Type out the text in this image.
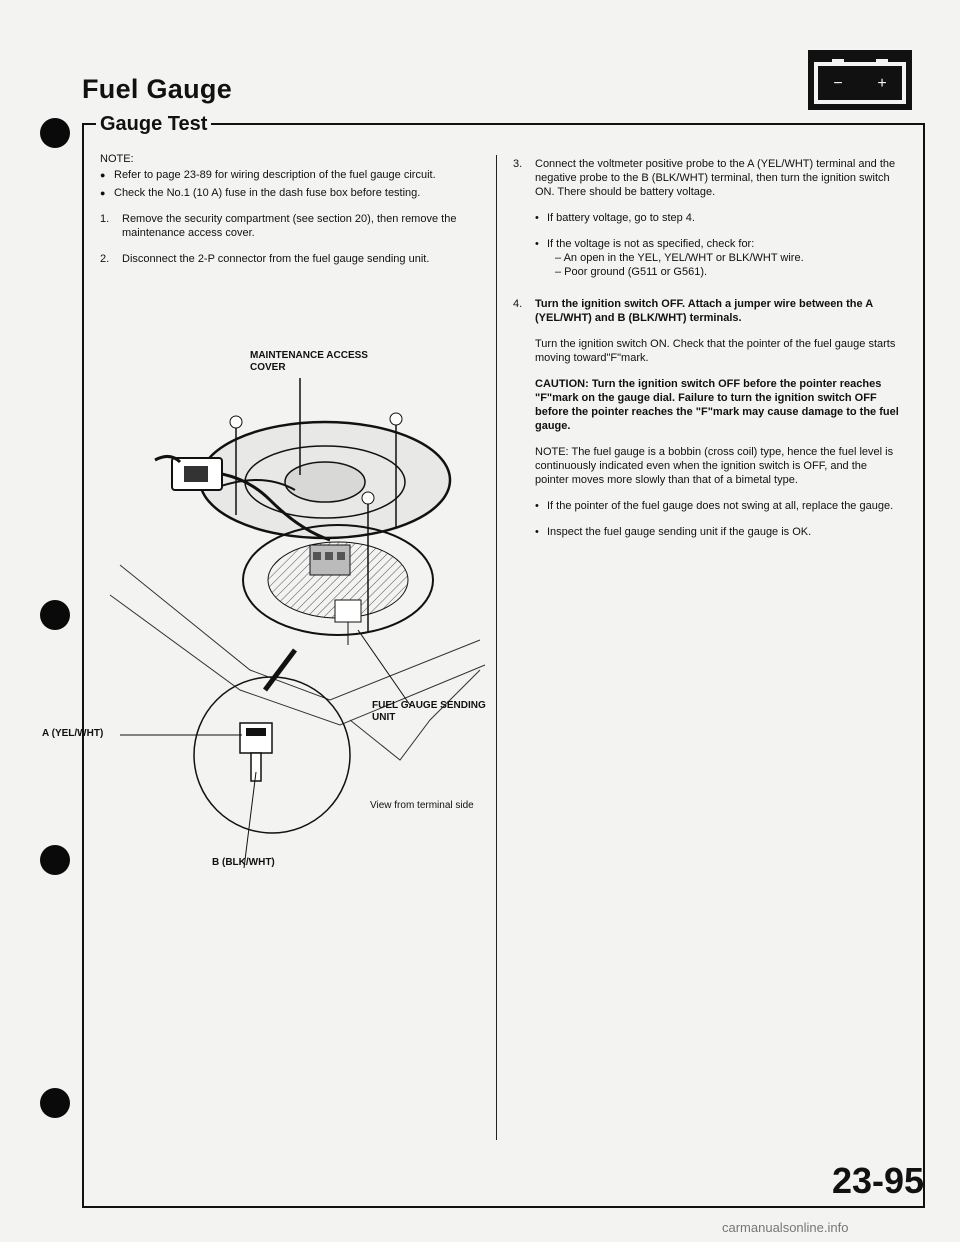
Fuel Gauge	− +
Gauge Test

NOTE:

● Refer to page 23-89 for wiring description of the fuel gauge circuit.

● Check the No.1 (10 A) fuse in the dash fuse box before testing.

1. Remove the security compartment (see section 20), then remove the maintenance access cover.

2. Disconnect the 2-P connector from the fuel gauge sending unit.

MAINTENANCE ACCESS COVER
FUEL GAUGE SENDING UNIT
A (YEL/WHT)
B (BLK/WHT)
View from terminal side

3. Connect the voltmeter positive probe to the A (YEL/WHT) terminal and the negative probe to the B (BLK/WHT) terminal, then turn the ignition switch ON. There should be battery voltage.

• If battery voltage, go to step 4.

• If the voltage is not as specified, check for:

– An open in the YEL, YEL/WHT or BLK/WHT wire.

– Poor ground (G511 or G561).

4. Turn the ignition switch OFF. Attach a jumper wire between the A (YEL/WHT) and B (BLK/WHT) terminals.

Turn the ignition switch ON. Check that the pointer of the fuel gauge starts moving toward"F"mark.

CAUTION: Turn the ignition switch OFF before the pointer reaches "F"mark on the gauge dial. Failure to turn the ignition switch OFF before the pointer reaches the "F"mark may cause damage to the fuel gauge.

NOTE: The fuel gauge is a bobbin (cross coil) type, hence the fuel level is continuously indicated even when the ignition switch is OFF, and the pointer moves more slowly than that of a bimetal type.

• If the pointer of the fuel gauge does not swing at all, replace the gauge.

• Inspect the fuel gauge sending unit if the gauge is OK.

23-95
carmanualsonline.info
